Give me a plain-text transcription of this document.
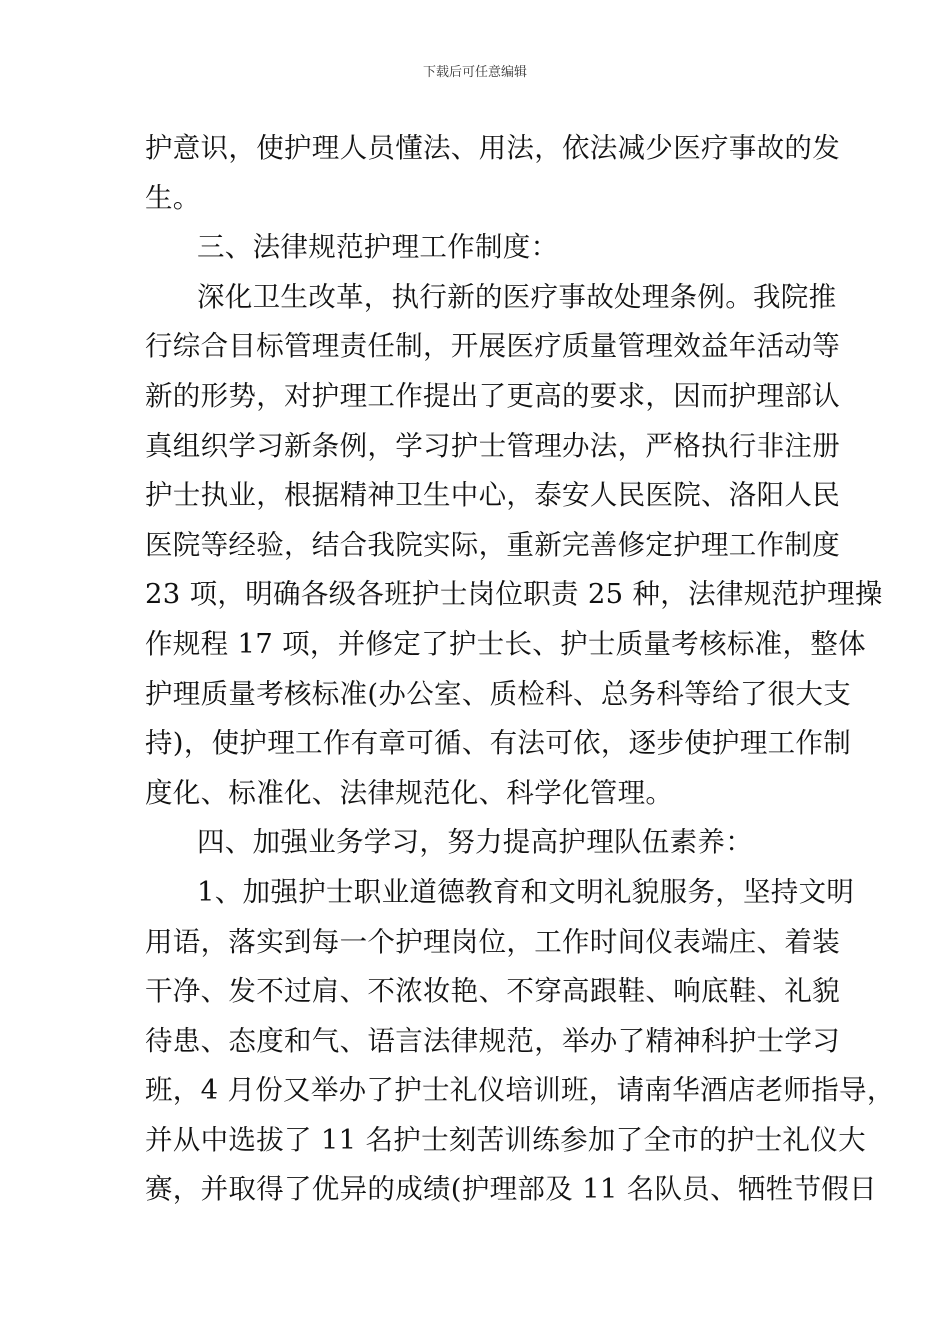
下载后可任意编辑
护意识，使护理人员懂法、用法，依法减少医疗事故的发
生。
三、法律规范护理工作制度：
深化卫生改革，执行新的医疗事故处理条例。我院推
行综合目标管理责任制，开展医疗质量管理效益年活动等
新的形势，对护理工作提出了更高的要求，因而护理部认
真组织学习新条例，学习护士管理办法，严格执行非注册
护士执业，根据精神卫生中心，泰安人民医院、洛阳人民
医院等经验，结合我院实际，重新完善修定护理工作制度
23 项，明确各级各班护士岗位职责 25 种，法律规范护理操
作规程 17 项，并修定了护士长、护士质量考核标准，整体
护理质量考核标准(办公室、质检科、总务科等给了很大支
持)，使护理工作有章可循、有法可依，逐步使护理工作制
度化、标准化、法律规范化、科学化管理。
四、加强业务学习，努力提高护理队伍素养：
1、加强护士职业道德教育和文明礼貌服务，坚持文明
用语，落实到每一个护理岗位，工作时间仪表端庄、着装
干净、发不过肩、不浓妆艳、不穿高跟鞋、响底鞋、礼貌
待患、态度和气、语言法律规范，举办了精神科护士学习
班，4 月份又举办了护士礼仪培训班，请南华酒店老师指导，
并从中选拔了 11 名护士刻苦训练参加了全市的护士礼仪大
赛，并取得了优异的成绩(护理部及 11 名队员、牺牲节假日
